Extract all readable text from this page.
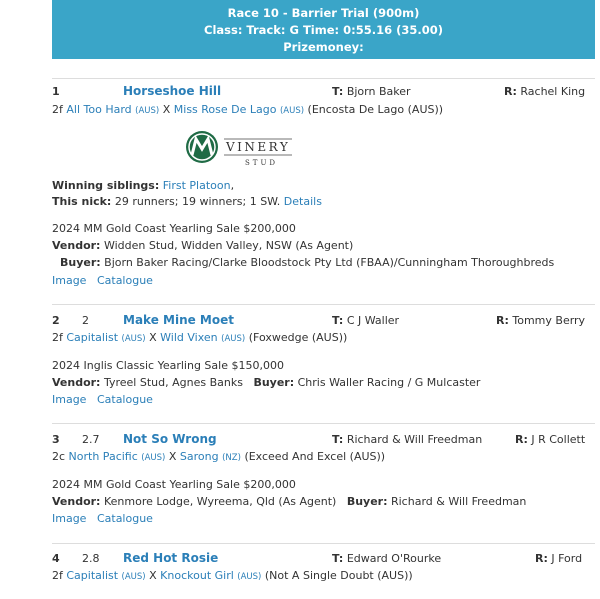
Race 10 - Barrier Trial (900m)
Class: Track: G Time: 0:55.16 (35.00)
Prizemoney:
1	Horseshoe Hill	T: Bjorn Baker	R: Rachel King
2f All Too Hard (AUS) X Miss Rose De Lago (AUS) (Encosta De Lago (AUS))
VINERY
STUD
Winning siblings: First Platoon,
This nick: 29 runners; 19 winners; 1 SW. Details
2024 MM Gold Coast Yearling Sale $200,000
Vendor: Widden Stud, Widden Valley, NSW (As Agent)
Buyer: Bjorn Baker Racing/Clarke Bloodstock Pty Ltd (FBAA)/Cunningham Thoroughbreds
Image Catalogue
2 2	Make Mine Moet	T: C J Waller	R: Tommy Berry
2f Capitalist (AUS) X Wild Vixen (AUS) (Foxwedge (AUS))
2024 Inglis Classic Yearling Sale $150,000
Vendor: Tyreel Stud, Agnes Banks Buyer: Chris Waller Racing / G Mulcaster
Image Catalogue
3 2.7 Not So Wrong	T: Richard & Will Freedman	R: J R Collett
2c North Pacific (AUS) X Sarong (NZ) (Exceed And Excel (AUS))
2024 MM Gold Coast Yearling Sale $200,000
Vendor: Kenmore Lodge, Wyreema, Qld (As Agent) Buyer: Richard & Will Freedman
Image Catalogue
4 2.8 Red Hot Rosie	T: Edward O'Rourke	R: J Ford
2f Capitalist (AUS) X Knockout Girl (AUS) (Not A Single Doubt (AUS))
